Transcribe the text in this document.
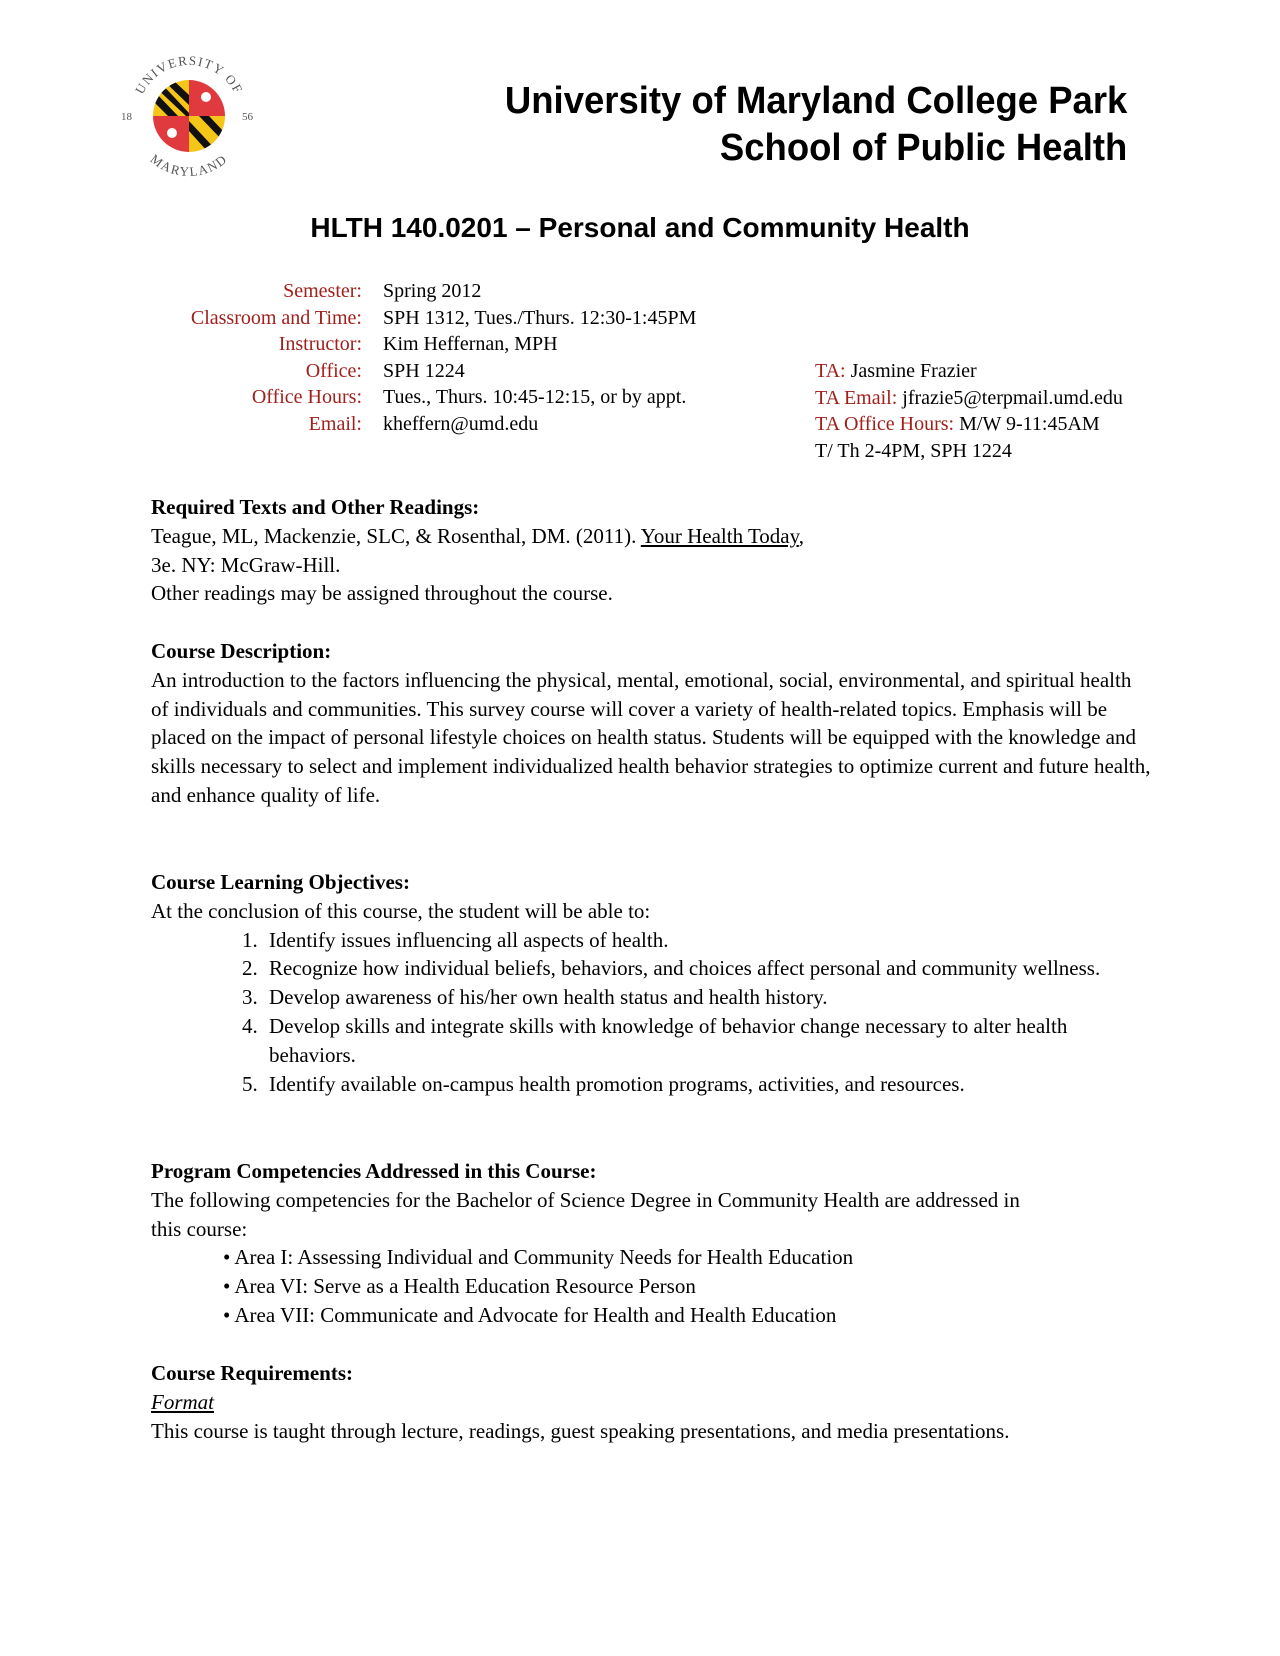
UNIVERSITY OF
MARYLAND
18	56	University of Maryland College Park
School of Public Health
HLTH 140.0201 – Personal and Community Health
Semester:
Classroom and Time:
Instructor:
Office:
Office Hours:
Email:
Spring 2012
SPH 1312, Tues./Thurs. 12:30-1:45PM
Kim Heffernan, MPH
SPH 1224
Tues., Thurs. 10:45-12:15, or by appt.
kheffern@umd.edu
TA: Jasmine Frazier
TA Email: jfrazie5@terpmail.umd.edu
TA Office Hours: M/W 9-11:45AM
T/ Th 2-4PM, SPH 1224
Required Texts and Other Readings:

Teague, ML, Mackenzie, SLC, & Rosenthal, DM. (2011). Your Health Today,

3e. NY: McGraw-Hill.

Other readings may be assigned throughout the course.

Course Description:

An introduction to the factors influencing the physical, mental, emotional, social, environmental, and spiritual health of individuals and communities. This survey course will cover a variety of health-related topics. Emphasis will be placed on the impact of personal lifestyle choices on health status. Students will be equipped with the knowledge and skills necessary to select and implement individualized health behavior strategies to optimize current and future health, and enhance quality of life.

Course Learning Objectives:

At the conclusion of this course, the student will be able to:

1. Identify issues influencing all aspects of health.
2. Recognize how individual beliefs, behaviors, and choices affect personal and community wellness.
3. Develop awareness of his/her own health status and health history.
4. Develop skills and integrate skills with knowledge of behavior change necessary to alter health behaviors.
5. Identify available on-campus health promotion programs, activities, and resources.
Program Competencies Addressed in this Course:

The following competencies for the Bachelor of Science Degree in Community Health are addressed in this course:

• Area I: Assessing Individual and Community Needs for Health Education
• Area VI: Serve as a Health Education Resource Person
• Area VII: Communicate and Advocate for Health and Health Education
Course Requirements:

Format

This course is taught through lecture, readings, guest speaking presentations, and media presentations.
